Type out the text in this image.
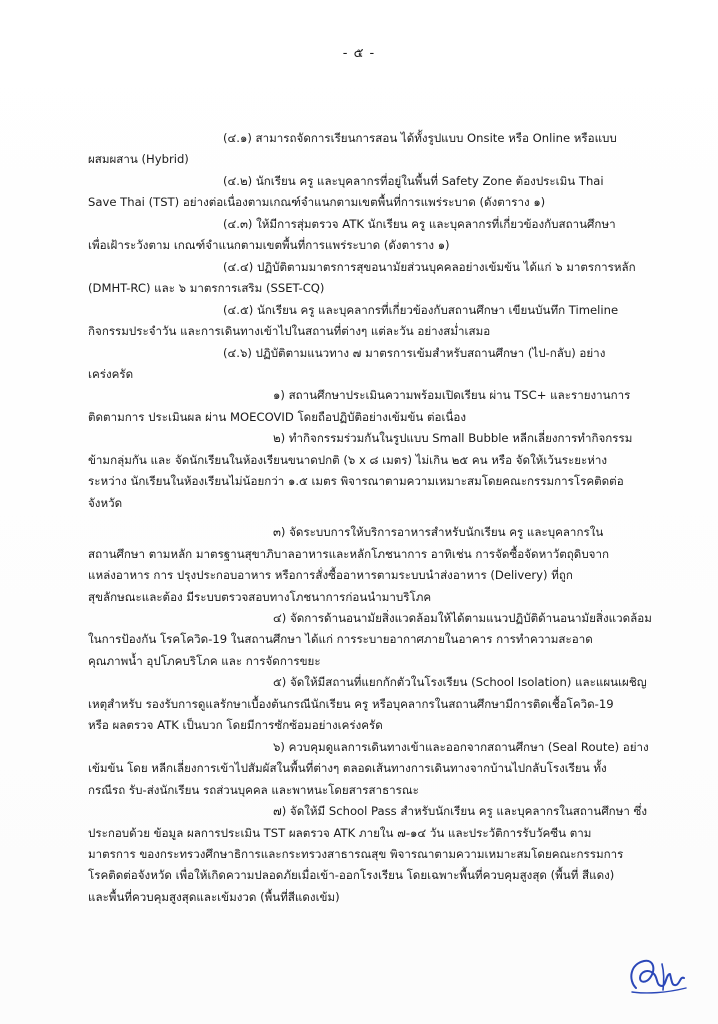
- ๕ -
(๔.๑) สามารถจัดการเรียนการสอน ได้ทั้งรูปแบบ Onsite หรือ Online หรือแบบ
ผสมผสาน (Hybrid)
(๔.๒) นักเรียน ครู และบุคลากรที่อยู่ในพื้นที่ Safety Zone ต้องประเมิน Thai
Save Thai (TST) อย่างต่อเนื่องตามเกณฑ์จำแนกตามเขตพื้นที่การแพร่ระบาด (ดังตาราง ๑)
(๔.๓) ให้มีการสุ่มตรวจ ATK นักเรียน ครู และบุคลากรที่เกี่ยวข้องกับสถานศึกษา
เพื่อเฝ้าระวังตาม เกณฑ์จำแนกตามเขตพื้นที่การแพร่ระบาด (ดังตาราง ๑)
(๔.๔) ปฏิบัติตามมาตรการสุขอนามัยส่วนบุคคลอย่างเข้มข้น ได้แก่ ๖ มาตรการหลัก
(DMHT-RC) และ ๖ มาตรการเสริม (SSET-CQ)
(๔.๕) นักเรียน ครู และบุคลากรที่เกี่ยวข้องกับสถานศึกษา เขียนบันทึก Timeline
กิจกรรมประจำวัน และการเดินทางเข้าไปในสถานที่ต่างๆ แต่ละวัน อย่างสม่ำเสมอ
(๔.๖) ปฏิบัติตามแนวทาง ๗ มาตรการเข้มสำหรับสถานศึกษา (ไป-กลับ) อย่าง
เคร่งครัด
๑) สถานศึกษาประเมินความพร้อมเปิดเรียน ผ่าน TSC+ และรายงานการ
ติดตามการ ประเมินผล ผ่าน MOECOVID โดยถือปฏิบัติอย่างเข้มข้น ต่อเนื่อง
๒) ทำกิจกรรมร่วมกันในรูปแบบ Small Bubble หลีกเลี่ยงการทำกิจกรรม
ข้ามกลุ่มกัน และ จัดนักเรียนในห้องเรียนขนาดปกติ (๖ x ๘ เมตร) ไม่เกิน ๒๕ คน หรือ จัดให้เว้นระยะห่าง
ระหว่าง นักเรียนในห้องเรียนไม่น้อยกว่า ๑.๕ เมตร พิจารณาตามความเหมาะสมโดยคณะกรรมการโรคติดต่อ
จังหวัด
๓) จัดระบบการให้บริการอาหารสำหรับนักเรียน ครู และบุคลากรใน
สถานศึกษา ตามหลัก มาตรฐานสุขาภิบาลอาหารและหลักโภชนาการ อาทิเช่น การจัดซื้อจัดหาวัตถุดิบจาก
แหล่งอาหาร การ ปรุงประกอบอาหาร หรือการสั่งซื้ออาหารตามระบบนำส่งอาหาร (Delivery) ที่ถูก
สุขลักษณะและต้อง มีระบบตรวจสอบทางโภชนาการก่อนนำมาบริโภค
๔) จัดการด้านอนามัยสิ่งแวดล้อมให้ได้ตามแนวปฏิบัติด้านอนามัยสิ่งแวดล้อม
ในการป้องกัน โรคโควิด-19 ในสถานศึกษา ได้แก่ การระบายอากาศภายในอาคาร การทำความสะอาด
คุณภาพน้ำ อุปโภคบริโภค และ การจัดการขยะ
๕) จัดให้มีสถานที่แยกกักตัวในโรงเรียน (School Isolation) และแผนเผชิญ
เหตุสำหรับ รองรับการดูแลรักษาเบื้องต้นกรณีนักเรียน ครู หรือบุคลากรในสถานศึกษามีการติดเชื้อโควิด-19
หรือ ผลตรวจ ATK เป็นบวก โดยมีการซักซ้อมอย่างเคร่งครัด
๖) ควบคุมดูแลการเดินทางเข้าและออกจากสถานศึกษา (Seal Route) อย่าง
เข้มข้น โดย หลีกเลี่ยงการเข้าไปสัมผัสในพื้นที่ต่างๆ ตลอดเส้นทางการเดินทางจากบ้านไปกลับโรงเรียน ทั้ง
กรณีรถ รับ-ส่งนักเรียน รถส่วนบุคคล และพาหนะโดยสารสาธารณะ
๗) จัดให้มี School Pass สำหรับนักเรียน ครู และบุคลากรในสถานศึกษา ซึ่ง
ประกอบด้วย ข้อมูล ผลการประเมิน TST ผลตรวจ ATK ภายใน ๗-๑๔ วัน และประวัติการรับวัคซีน ตาม
มาตรการ ของกระทรวงศึกษาธิการและกระทรวงสาธารณสุข พิจารณาตามความเหมาะสมโดยคณะกรรมการ
โรคติดต่อจังหวัด เพื่อให้เกิดความปลอดภัยเมื่อเข้า-ออกโรงเรียน โดยเฉพาะพื้นที่ควบคุมสูงสุด (พื้นที่ สีแดง)
และพื้นที่ควบคุมสูงสุดและเข้มงวด (พื้นที่สีแดงเข้ม)
